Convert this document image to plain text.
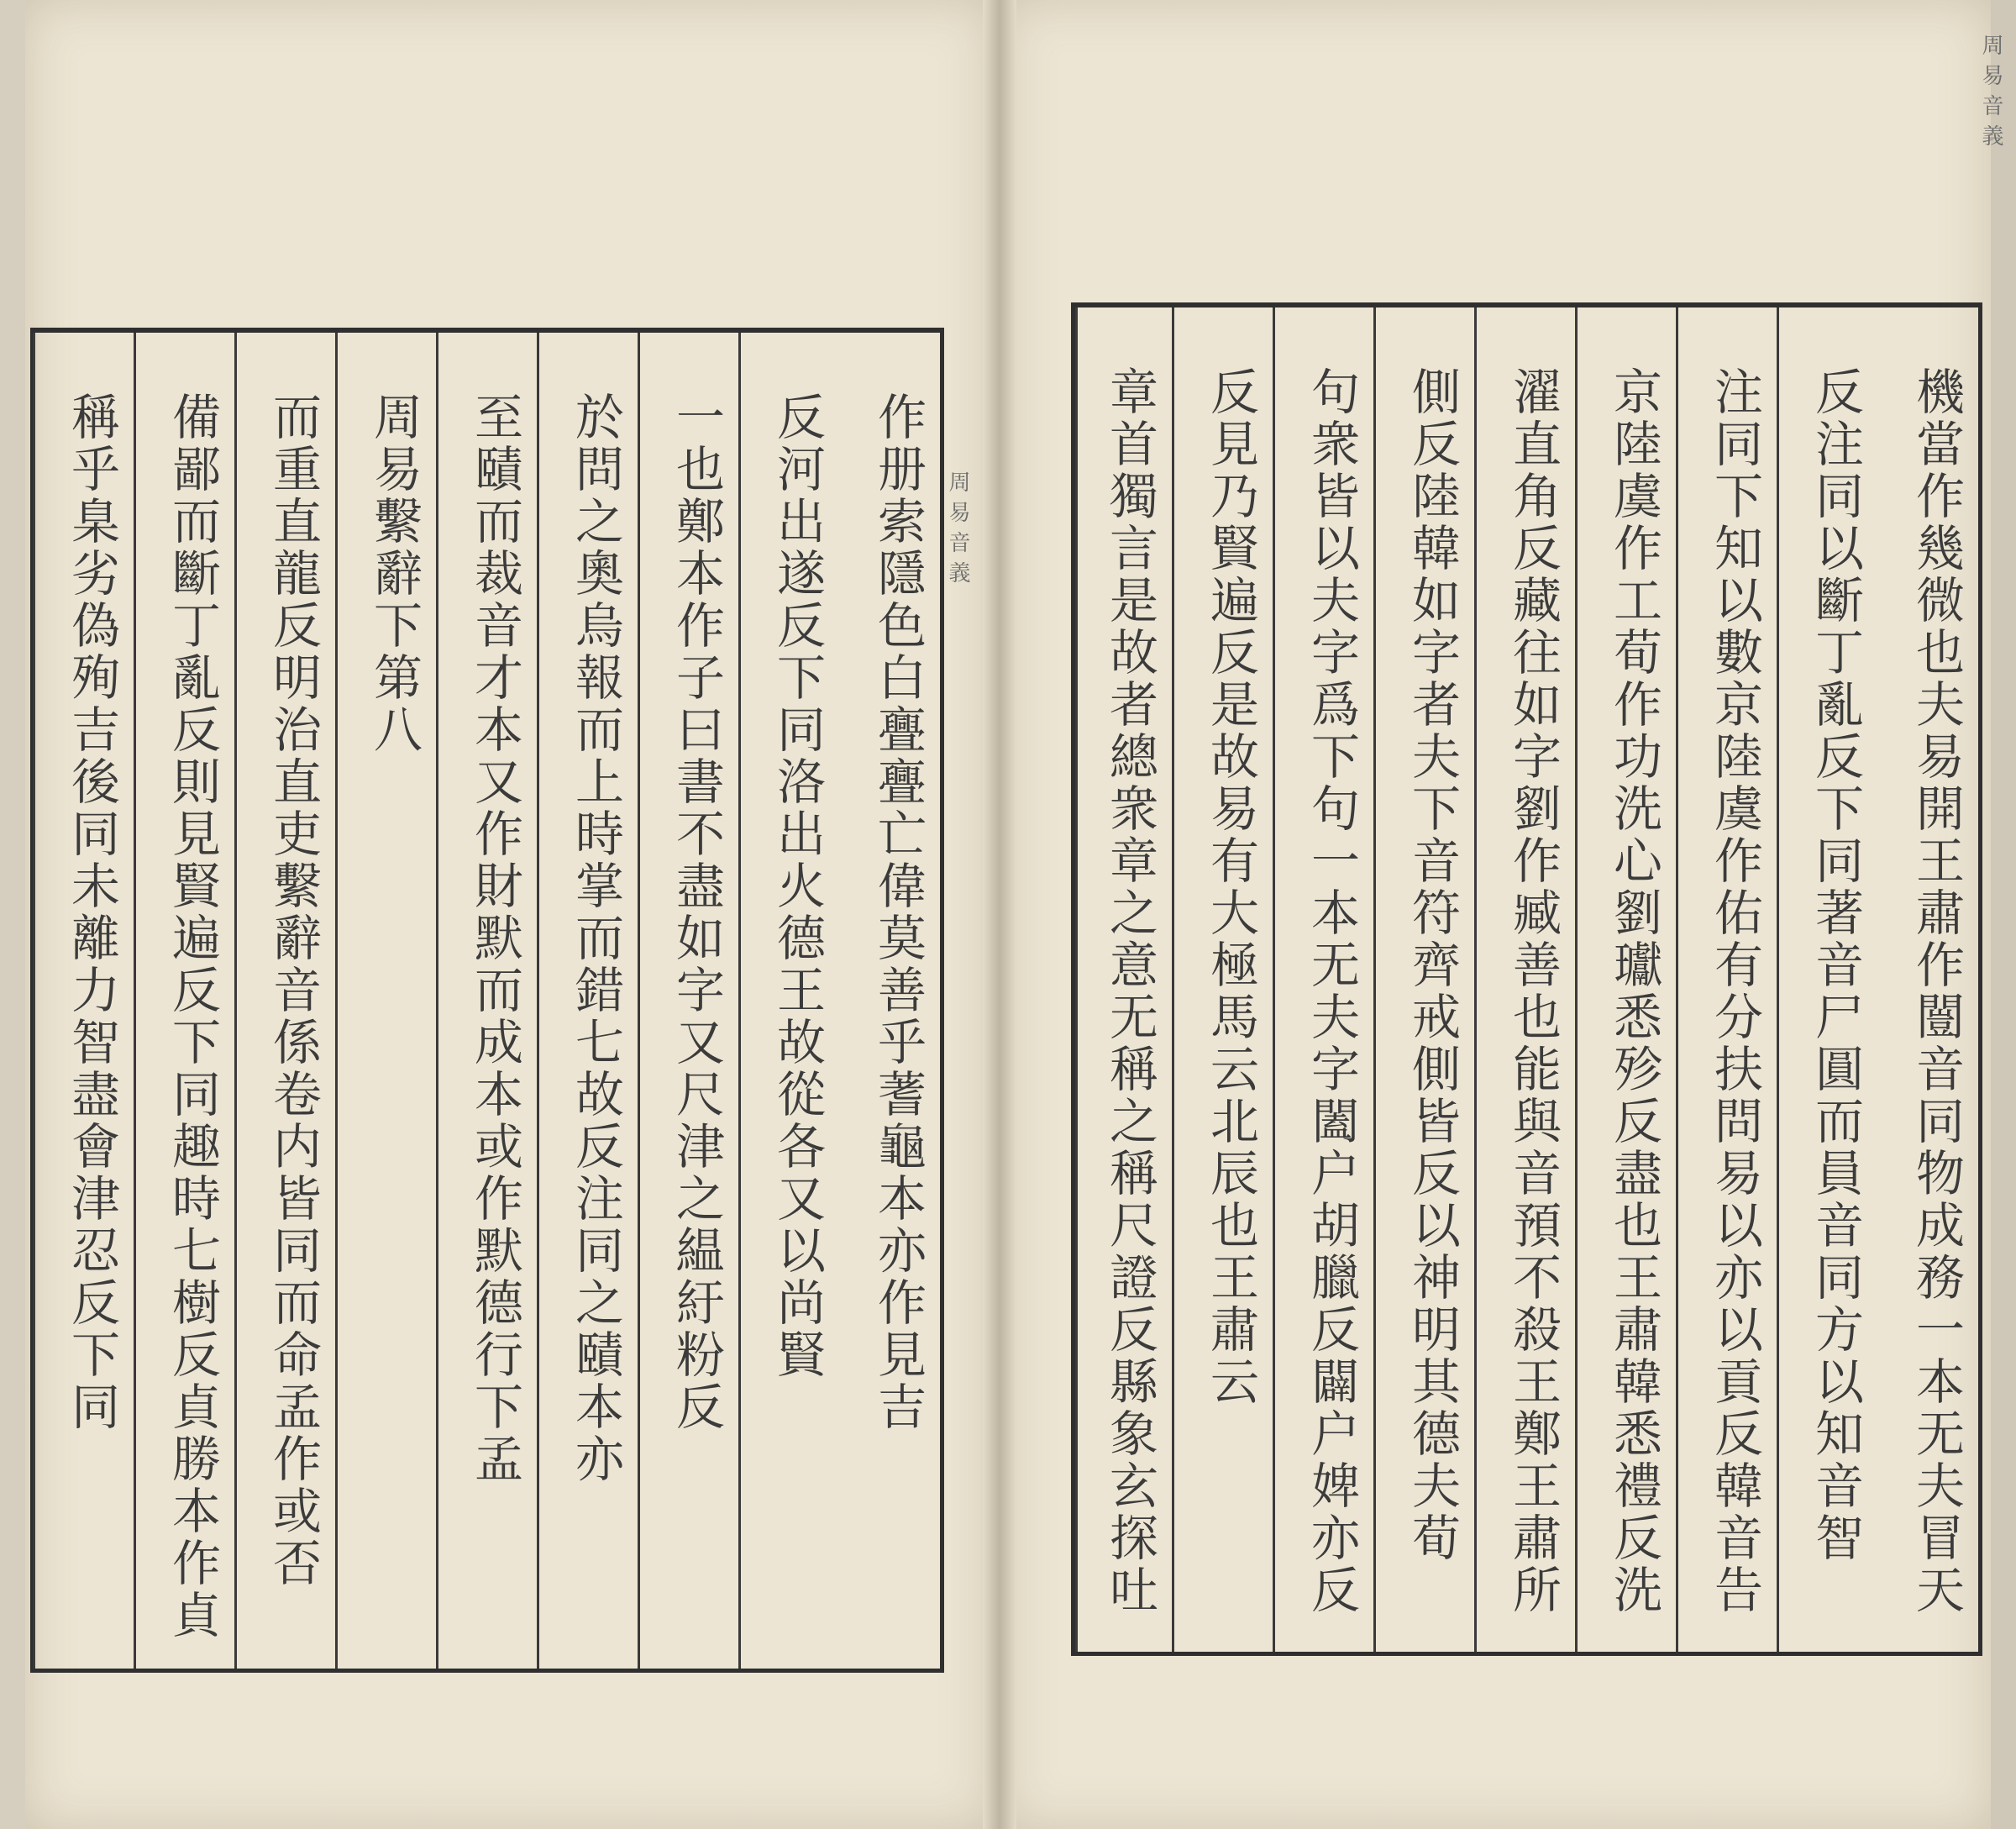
作册索隱色白亹亹亡偉莫善乎蓍龜本亦作見吉
反河出遂反下同洛出火德王故從各又以尚賢
一也鄭本作子曰書不盡如字又尺津之緼紆粉反
於問之奧烏報而上時掌而錯七故反注同之賾本亦
至賾而裁音才本又作財默而成本或作默德行下孟
周易繫辭下第八
而重直龍反明治直吏繫辭音係卷内皆同而命孟作或否
備鄙而斷丁亂反則見賢遍反下同趣時七樹反貞勝本作貞
稱乎臬劣偽殉吉後同未離力智盡會津忍反下同	周易音義	機當作幾微也夫易開王肅作闓音同物成務一本无夫冒天
反注同以斷丁亂反下同著音尸圓而員音同方以知音智
注同下知以數京陸虞作佑有分扶問易以亦以貢反韓音告
京陸虞作工荀作功洗心劉瓛悉殄反盡也王肅韓悉禮反洗
濯直角反藏往如字劉作臧善也能與音預不殺王鄭王肅所
側反陸韓如字者夫下音符齊戒側皆反以神明其德夫荀
句衆皆以夫字爲下句一本无夫字闔户胡臘反闢户婢亦反
反見乃賢遍反是故易有大極馬云北辰也王肅云
章首獨言是故者總衆章之意无稱之稱尺證反縣象玄探吐
周易音義
